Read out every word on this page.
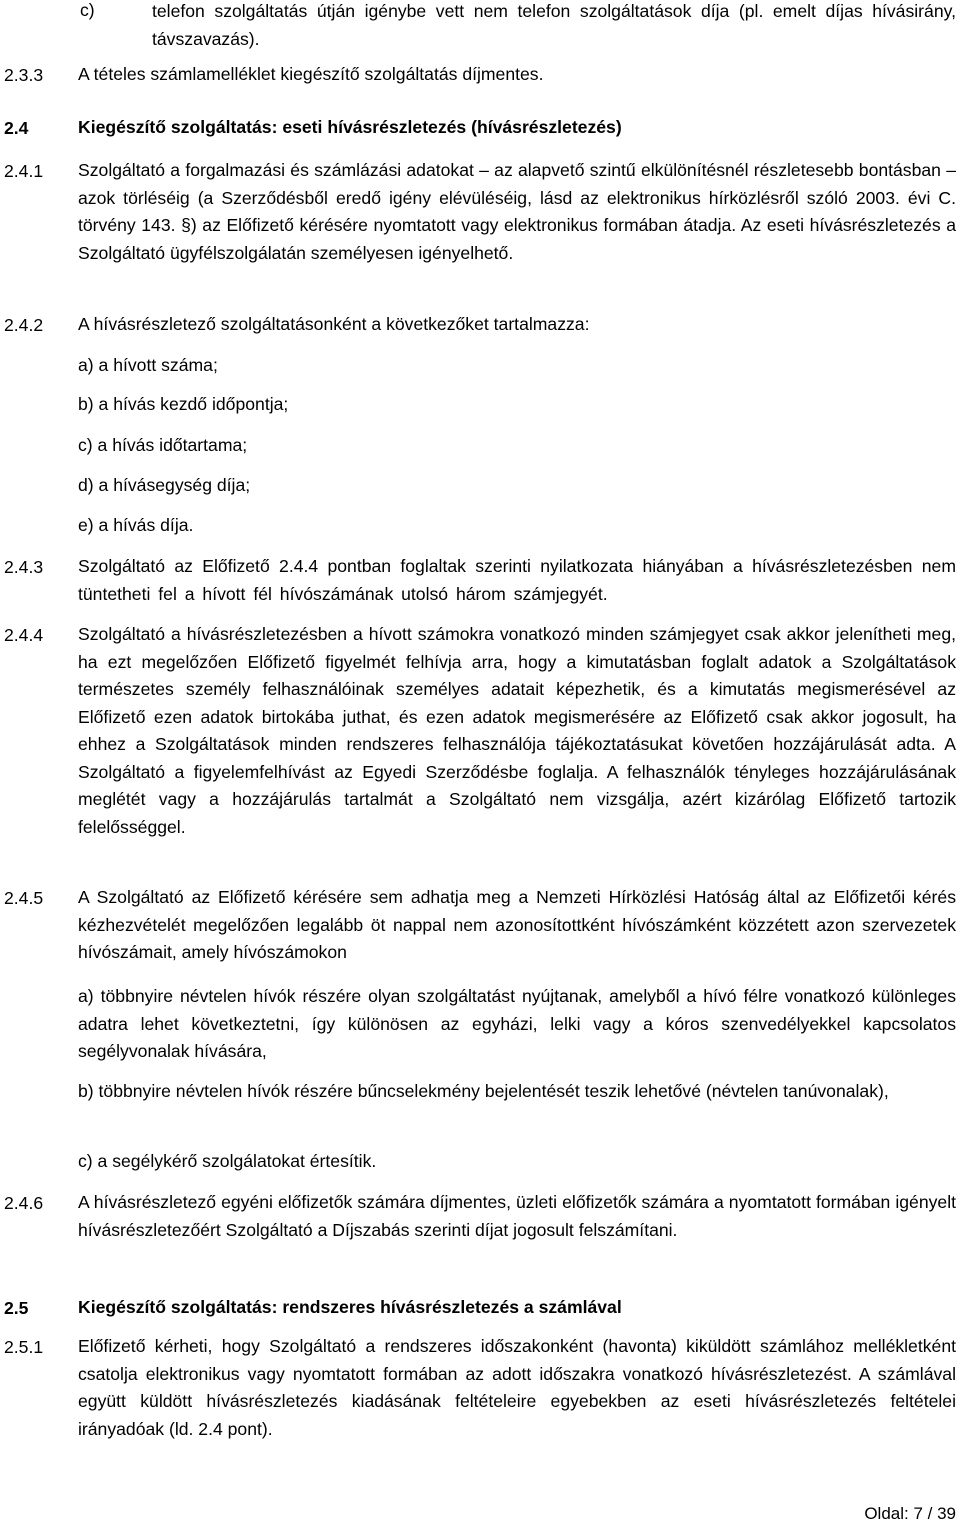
c)	telefon szolgáltatás útján igénybe vett nem telefon szolgáltatások díja (pl. emelt díjas hívásirány, távszavazás).

2.3.3 A tételes számlamelléklet kiegészítő szolgáltatás díjmentes.

2.4	Kiegészítő szolgáltatás: eseti hívásrészletezés (hívásrészletezés)

2.4.1 Szolgáltató a forgalmazási és számlázási adatokat – az alapvető szintű elkülönítésnél részletesebb bontásban – azok törléséig (a Szerződésből eredő igény elévüléséig, lásd az elektronikus hírközlésről szóló 2003. évi C. törvény 143. §) az Előfizető kérésére nyomtatott vagy elektronikus formában átadja. Az eseti hívásrészletezés a Szolgáltató ügyfélszolgálatán személyesen igényelhető.

2.4.2 A hívásrészletező szolgáltatásonként a következőket tartalmazza:

a) a hívott száma;

b) a hívás kezdő időpontja;

c) a hívás időtartama;

d) a hívásegység díja;

e) a hívás díja.

2.4.3 Szolgáltató az Előfizető 2.4.4 pontban foglaltak szerinti nyilatkozata hiányában a hívásrészletezésben nem tüntetheti fel a hívott fél hívószámának utolsó három számjegyét.

2.4.4 Szolgáltató a hívásrészletezésben a hívott számokra vonatkozó minden számjegyet csak akkor jelenítheti meg, ha ezt megelőzően Előfizető figyelmét felhívja arra, hogy a kimutatásban foglalt adatok a Szolgáltatások természetes személy felhasználóinak személyes adatait képezhetik, és a kimutatás megismerésével az Előfizető ezen adatok birtokába juthat, és ezen adatok megismerésére az Előfizető csak akkor jogosult, ha ehhez a Szolgáltatások minden rendszeres felhasználója tájékoztatásukat követően hozzájárulását adta. A Szolgáltató a figyelemfelhívást az Egyedi Szerződésbe foglalja. A felhasználók tényleges hozzájárulásának meglétét vagy a hozzájárulás tartalmát a Szolgáltató nem vizsgálja, azért kizárólag Előfizető tartozik felelősséggel.

2.4.5 A Szolgáltató az Előfizető kérésére sem adhatja meg a Nemzeti Hírközlési Hatóság által az Előfizetői kérés kézhezvételét megelőzően legalább öt nappal nem azonosítottként hívószámként közzétett azon szervezetek hívószámait, amely hívószámokon

a) többnyire névtelen hívók részére olyan szolgáltatást nyújtanak, amelyből a hívó félre vonatkozó különleges adatra lehet következtetni, így különösen az egyházi, lelki vagy a kóros szenvedélyekkel kapcsolatos segélyvonalak hívására,

b) többnyire névtelen hívók részére bűncselekmény bejelentését teszik lehetővé (névtelen tanúvonalak),

c) a segélykérő szolgálatokat értesítik.

2.4.6 A hívásrészletező egyéni előfizetők számára díjmentes, üzleti előfizetők számára a nyomtatott formában igényelt hívásrészletezőért Szolgáltató a Díjszabás szerinti díjat jogosult felszámítani.

2.5	Kiegészítő szolgáltatás: rendszeres hívásrészletezés a számlával

2.5.1 Előfizető kérheti, hogy Szolgáltató a rendszeres időszakonként (havonta) kiküldött számlához mellékletként csatolja elektronikus vagy nyomtatott formában az adott időszakra vonatkozó hívásrészletezést. A számlával együtt küldött hívásrészletezés kiadásának feltételeire egyebekben az eseti hívásrészletezés feltételei irányadóak (ld. 2.4 pont).

Oldal: 7 / 39
